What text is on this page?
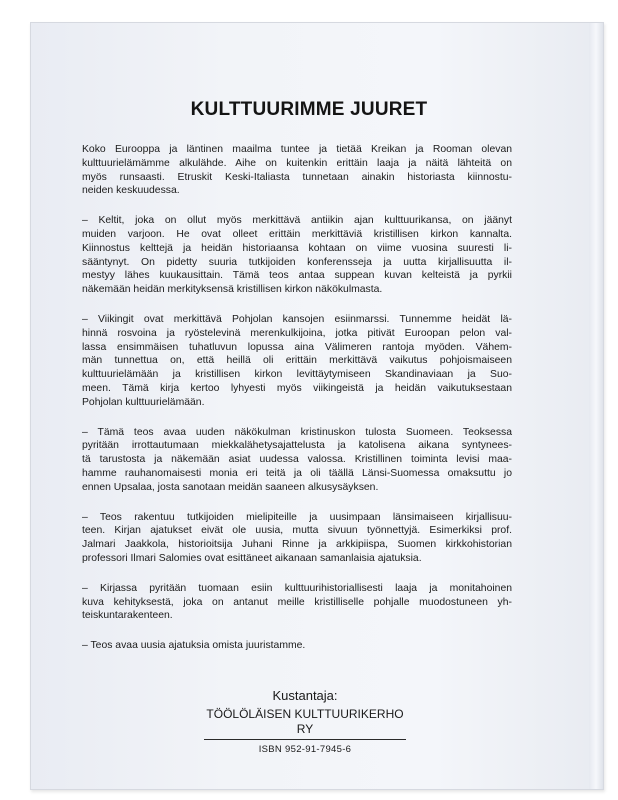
KULTTUURIMME JUURET
Koko Eurooppa ja läntinen maailma tuntee ja tietää Kreikan ja Rooman olevan
kulttuurielämämme alkulähde. Aihe on kuitenkin erittäin laaja ja näitä lähteitä on
myös runsaasti. Etruskit Keski-Italiasta tunnetaan ainakin historiasta kiinnostu-
neiden keskuudessa.
– Keltit, joka on ollut myös merkittävä antiikin ajan kulttuurikansa, on jäänyt
muiden varjoon. He ovat olleet erittäin merkittäviä kristillisen kirkon kannalta.
Kiinnostus kelttejä ja heidän historiaansa kohtaan on viime vuosina suuresti li-
sääntynyt. On pidetty suuria tutkijoiden konferensseja ja uutta kirjallisuutta il-
mestyy lähes kuukausittain. Tämä teos antaa suppean kuvan kelteistä ja pyrkii
näkemään heidän merkityksensä kristillisen kirkon näkökulmasta.
– Viikingit ovat merkittävä Pohjolan kansojen esiinmarssi. Tunnemme heidät lä-
hinnä rosvoina ja ryöstelevinä merenkulkijoina, jotka pitivät Euroopan pelon val-
lassa ensimmäisen tuhatluvun lopussa aina Välimeren rantoja myöden. Vähem-
män tunnettua on, että heillä oli erittäin merkittävä vaikutus pohjoismaiseen
kulttuurielämään ja kristillisen kirkon levittäytymiseen Skandinaviaan ja Suo-
meen. Tämä kirja kertoo lyhyesti myös viikingeistä ja heidän vaikutuksestaan
Pohjolan kulttuurielämään.
– Tämä teos avaa uuden näkökulman kristinuskon tulosta Suomeen. Teoksessa
pyritään irrottautumaan miekkalähetysajattelusta ja katolisena aikana syntynees-
tä tarustosta ja näkemään asiat uudessa valossa. Kristillinen toiminta levisi maa-
hamme rauhanomaisesti monia eri teitä ja oli täällä Länsi-Suomessa omaksuttu jo
ennen Upsalaa, josta sanotaan meidän saaneen alkusysäyksen.
– Teos rakentuu tutkijoiden mielipiteille ja uusimpaan länsimaiseen kirjallisuu-
teen. Kirjan ajatukset eivät ole uusia, mutta sivuun työnnettyjä. Esimerkiksi prof.
Jalmari Jaakkola, historioitsija Juhani Rinne ja arkkipiispa, Suomen kirkkohistorian
professori Ilmari Salomies ovat esittäneet aikanaan samanlaisia ajatuksia.
– Kirjassa pyritään tuomaan esiin kulttuurihistoriallisesti laaja ja monitahoinen
kuva kehityksestä, joka on antanut meille kristilliselle pohjalle muodostuneen yh-
teiskuntarakenteen.
– Teos avaa uusia ajatuksia omista juuristamme.
Kustantaja:
TÖÖLÖLÄISEN KULTTUURIKERHO RY
ISBN 952-91-7945-6
